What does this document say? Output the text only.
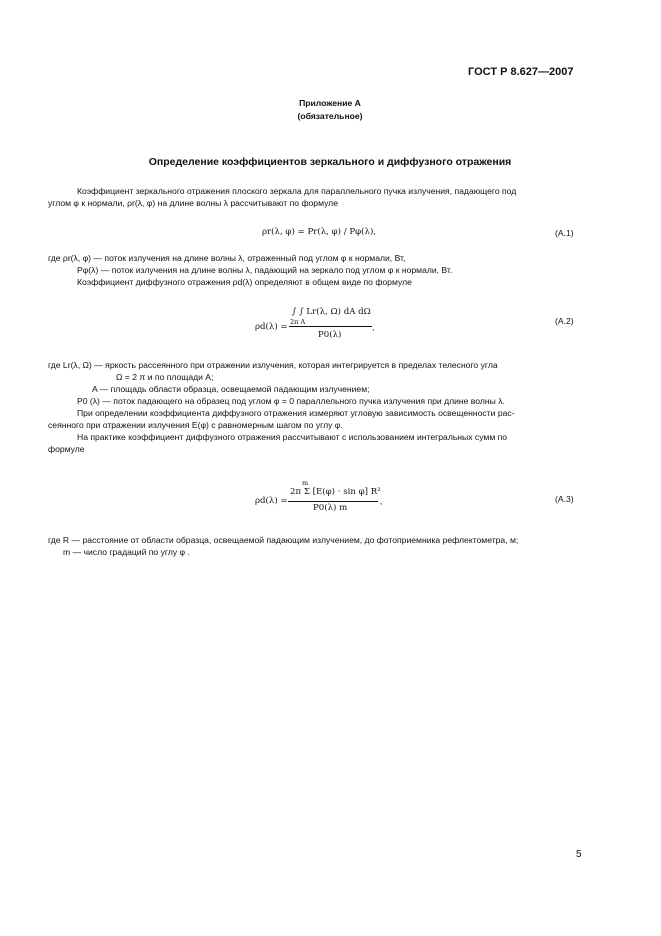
ГОСТ Р 8.627—2007
Приложение А
(обязательное)
Определение коэффициентов зеркального и диффузного отражения
Коэффициент зеркального отражения плоского зеркала для параллельного пучка излучения, падающего под
углом φ к нормали, ρr(λ, φ) на длине волны λ рассчитывают по формуле
ρr(λ, φ) = Pr(λ, φ) / Pφ(λ),	(А.1)
где ρr(λ, φ) — поток излучения на длине волны λ, отраженный под углом φ к нормали, Вт,
Pφ(λ) — поток излучения на длине волны λ, падающий на зеркало под углом φ к нормали, Вт.
Коэффициент диффузного отражения ρd(λ) определяют в общем виде по формуле
ρd(λ) =
∫ ∫ Lr(λ, Ω) dA dΩ
2π A
P0(λ)
,
(А.2)
где Lr(λ, Ω) — яркость рассеянного при отражении излучения, которая интегрируется в пределах телесного угла
Ω = 2 π и по площади A;
A — площадь области образца, освещаемой падающим излучением;
P0 (λ) — поток падающего на образец под углом φ = 0 параллельного пучка излучения при длине волны λ.
При определении коэффициента диффузного отражения измеряют угловую зависимость освещенности рас-
сеянного при отражении излучения E(φ) с равномерным шагом по углу φ.
На практике коэффициент диффузного отражения рассчитывают с использованием интегральных сумм по
формуле
ρd(λ) =
m
2π Σ [E(φ) · sin φ] R²
P0(λ) m
,	(А.3)
где R — расстояние от области образца, освещаемой падающим излучением, до фотоприемника рефлектометра, м;
m — число градаций по углу φ .
5
